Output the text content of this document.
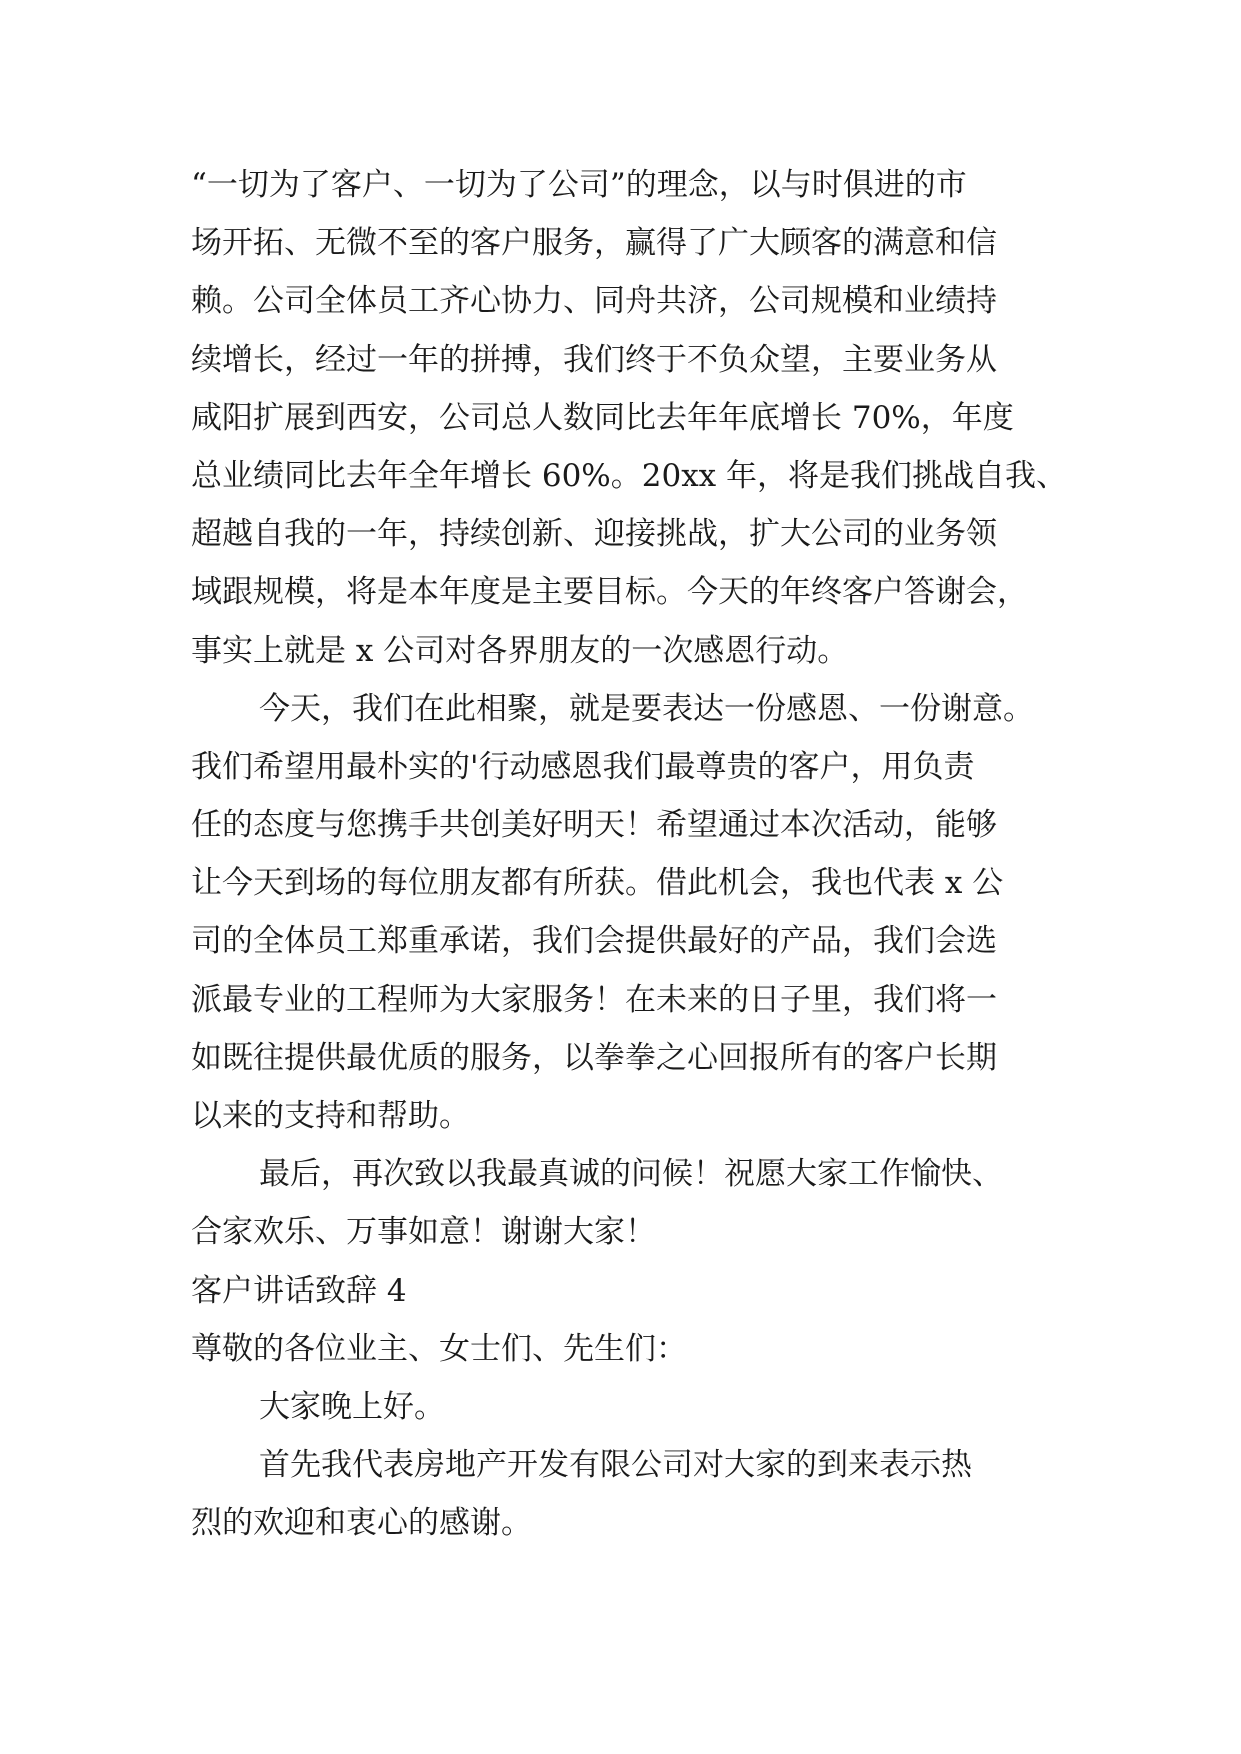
“一切为了客户、一切为了公司”的理念，以与时俱进的市
场开拓、无微不至的客户服务，赢得了广大顾客的满意和信
赖。公司全体员工齐心协力、同舟共济，公司规模和业绩持
续增长，经过一年的拼搏，我们终于不负众望，主要业务从
咸阳扩展到西安，公司总人数同比去年年底增长 70%，年度
总业绩同比去年全年增长 60%。20xx 年，将是我们挑战自我、
超越自我的一年，持续创新、迎接挑战，扩大公司的业务领
域跟规模，将是本年度是主要目标。今天的年终客户答谢会，
事实上就是 x 公司对各界朋友的一次感恩行动。
今天，我们在此相聚，就是要表达一份感恩、一份谢意。
我们希望用最朴实的'行动感恩我们最尊贵的客户，用负责
任的态度与您携手共创美好明天！希望通过本次活动，能够
让今天到场的每位朋友都有所获。借此机会，我也代表 x 公
司的全体员工郑重承诺，我们会提供最好的产品，我们会选
派最专业的工程师为大家服务！在未来的日子里，我们将一
如既往提供最优质的服务，以拳拳之心回报所有的客户长期
以来的支持和帮助。
最后，再次致以我最真诚的问候！祝愿大家工作愉快、
合家欢乐、万事如意！谢谢大家！
客户讲话致辞 4
尊敬的各位业主、女士们、先生们：
大家晚上好。
首先我代表房地产开发有限公司对大家的到来表示热
烈的欢迎和衷心的感谢。
